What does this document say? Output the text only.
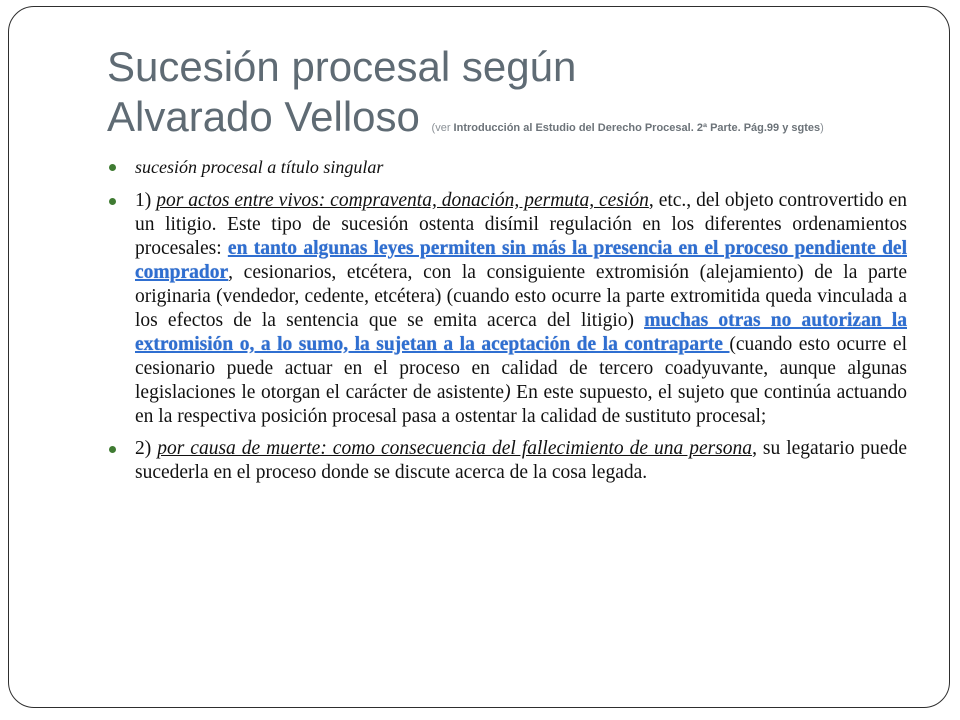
Sucesión procesal según
Alvarado Velloso (ver Introducción al Estudio del Derecho Procesal. 2ª Parte. Pág.99 y sgtes)
sucesión procesal a título singular
1) por actos entre vivos: compraventa, donación, permuta, cesión, etc., del objeto controvertido en un litigio. Este tipo de sucesión ostenta disímil regulación en los diferentes ordenamientos procesales: en tanto algunas leyes permiten sin más la presencia en el proceso pendiente del comprador, cesionarios, etcétera, con la consiguiente extromisión (alejamiento) de la parte originaria (vendedor, cedente, etcétera) (cuando esto ocurre la parte extromitida queda vinculada a los efectos de la sentencia que se emita acerca del litigio) muchas otras no autorizan la extromisión o, a lo sumo, la sujetan a la aceptación de la contraparte (cuando esto ocurre el cesionario puede actuar en el proceso en calidad de tercero coadyuvante, aunque algunas legislaciones le otorgan el carácter de asistente) En este supuesto, el sujeto que continúa actuando en la respectiva posición procesal pasa a ostentar la calidad de sustituto procesal;
2) por causa de muerte: como consecuencia del fallecimiento de una persona, su legatario puede sucederla en el proceso donde se discute acerca de la cosa legada.
